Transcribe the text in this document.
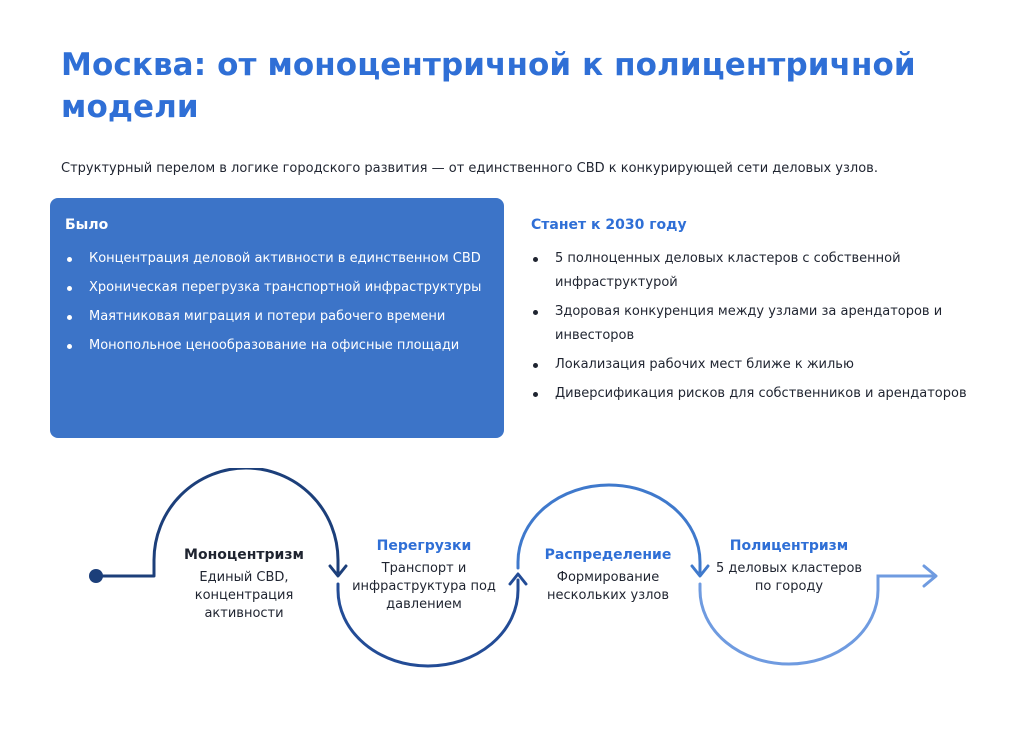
Москва: от моноцентричной к полицентричной
модели

Структурный перелом в логике городского развития — от единственного CBD к конкурирующей сети деловых узлов.

Было
Концентрация деловой активности в единственном CBD
Хроническая перегрузка транспортной инфраструктуры
Маятниковая миграция и потери рабочего времени
Монопольное ценообразование на офисные площади
Станет к 2030 году
5 полноценных деловых кластеров с собственной инфраструктурой
Здоровая конкуренция между узлами за арендаторов и инвесторов
Локализация рабочих мест ближе к жилью
Диверсификация рисков для собственников и арендаторов

Моноцентризм

Единый CBD, концентрация активности

Перегрузки

Транспорт и инфраструктура под давлением

Распределение

Формирование нескольких узлов

Полицентризм

5 деловых кластеров по городу
